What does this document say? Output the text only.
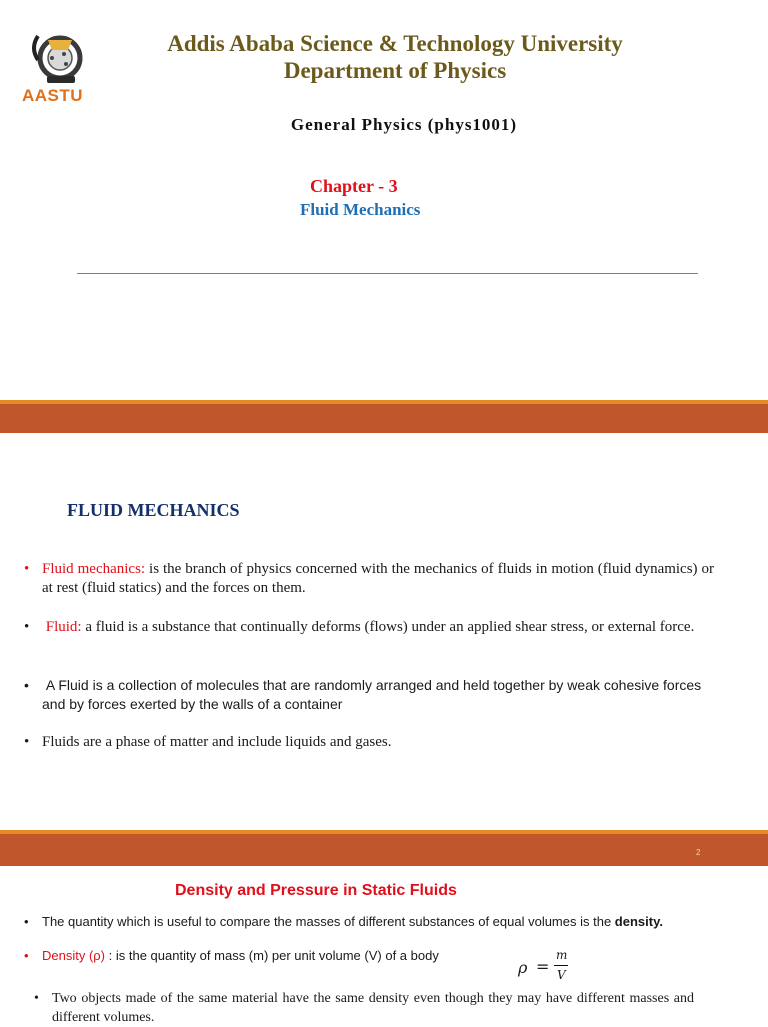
AASTU
Addis Ababa Science & Technology University
Department of Physics
General Physics (phys1001)
Chapter - 3
Fluid Mechanics
FLUID MECHANICS
• Fluid mechanics: is the branch of physics concerned with the mechanics of fluids in motion (fluid dynamics) or at rest (fluid statics) and the forces on them.
• Fluid: a fluid is a substance that continually deforms (flows) under an applied shear stress, or external force.
• A Fluid is a collection of molecules that are randomly arranged and held together by weak cohesive forces and by forces exerted by the walls of a container
• Fluids are a phase of matter and include liquids and gases.
2
Density and Pressure in Static Fluids
• The quantity which is useful to compare the masses of different substances of equal volumes is the density.
• Density (ρ) : is the quantity of mass (m) per unit volume (V) of a body
ρ =
m
V
• Two objects made of the same material have the same density even though they may have different masses and different volumes.
